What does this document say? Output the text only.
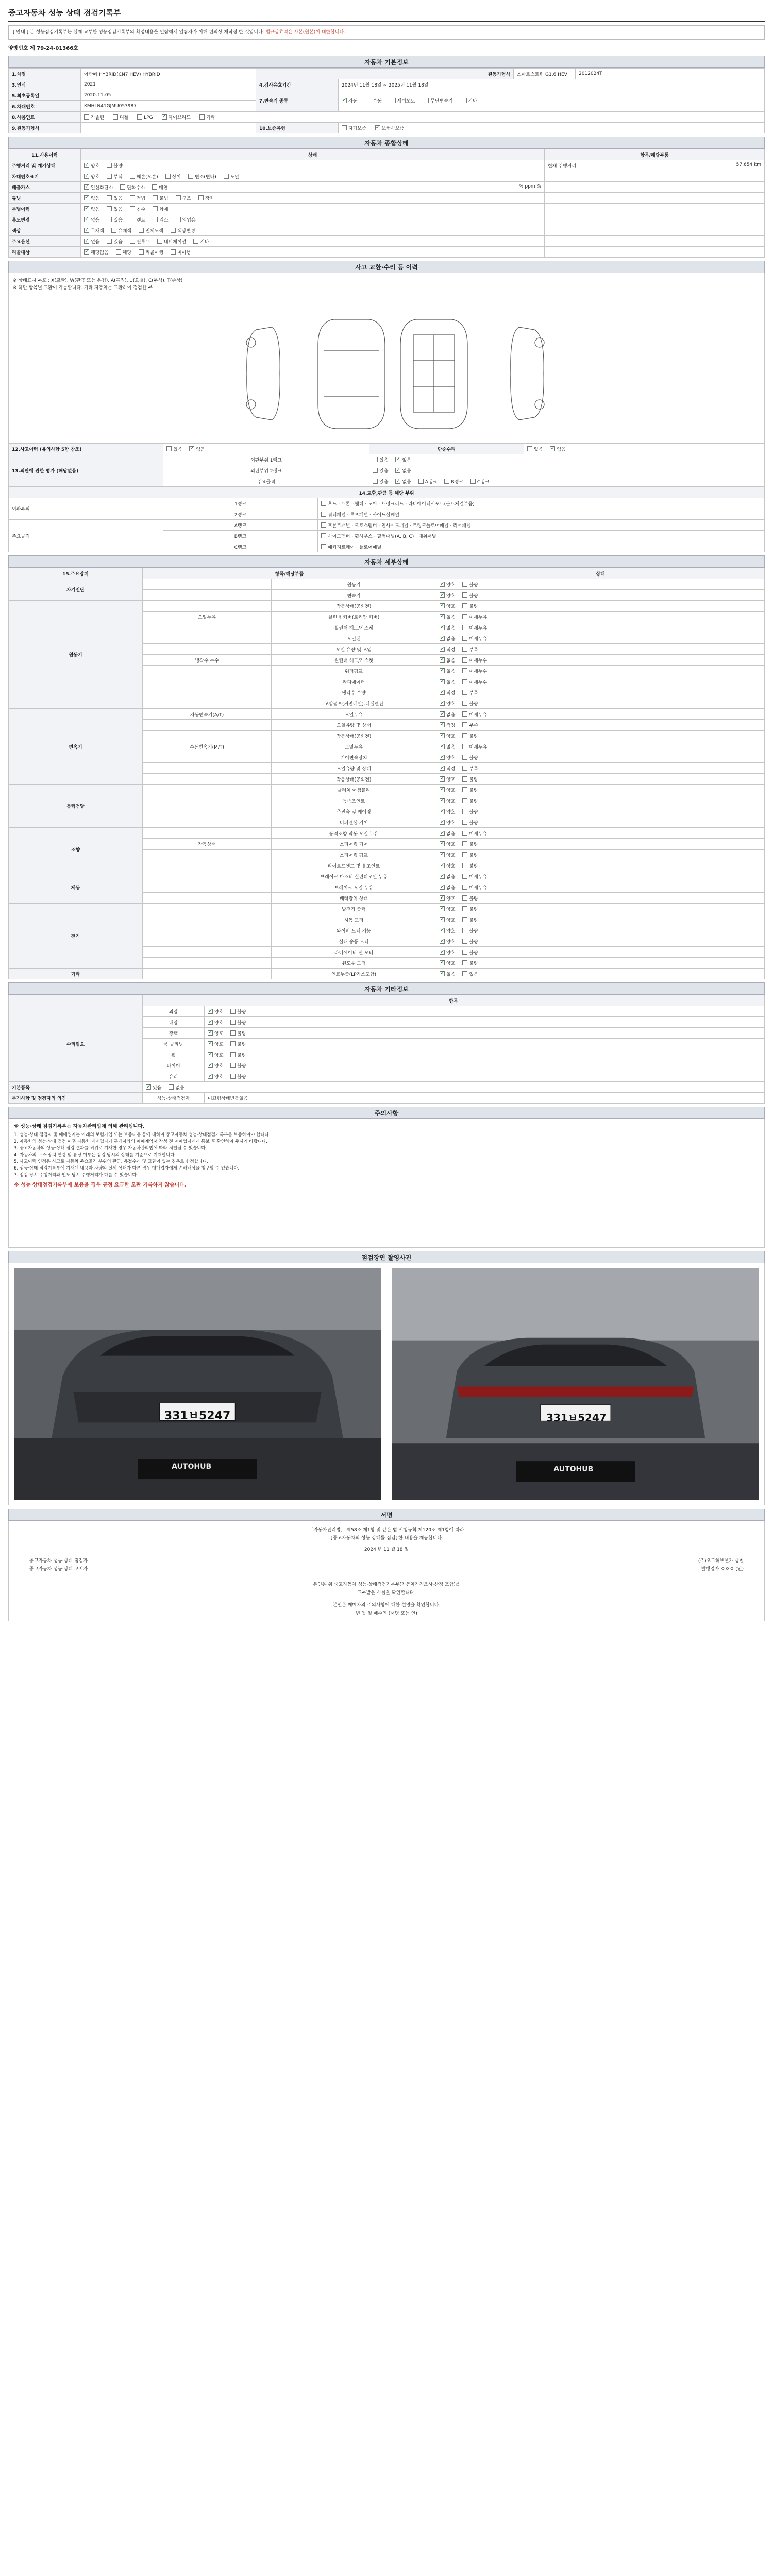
중고자동차 성능 상태 점검기록부
[ 안내 ] 본 성능점검기록부는 실제 교부한 성능점검기록부의 확정내용을 열람해서 열람자가 이해 편의상 재작성 한 것입니다. 법규상효력은 사본(원본)이 대한합니다.
양방번호 제 79-24-01366호
자동차 기본정보
1.차명	아반떼 HYBRID(CN7 HEV) HYBRID	원동기형식		스마트스트림 G1.6 HEV	2012024T
3.연식	2021	4.검사유효기간	2024년 11월 18일 ~ 2025년 11월 18일		
5.최초등록일	2020-11-05	7.변속기 종류	✓자동 수동 세미오토 무단변속기 기타
6.차대번호	KMHLN41GJMU053987				
8.사용연료	가솔린 디젤 LPG ✓ 하이브리드 기타
9.원동기형식		10.보증유형	자가보증 ✓ 보험사보증
자동차 종합상태
11.사용이력	상태	항목/해당부품
주행거리 및 계기상태	✓양호 불량	현재 주행거리 57,654 km

차대번호표기	✓양호 부식 훼손(오손) 상이 변조(변타) 도말	
배출가스	✓일산화탄소 탄화수소 매연 % ppm %

튜닝	✓없음 있음 적법 불법 구조 장치	
특별이력	✓없음 있음 침수 화재	
용도변경	✓없음 있음 렌트 리스 영업용	
색상	✓무채색 유채색 전체도색 색상변경	
주요옵션	✓없음 있음 썬루프 네비게이션 기타	
리콜대상	✓해당없음 해당 리콜이행 미이행	
사고 교환·수리 등 이력
※ 상태표시 부호 : X(교환), W(판금 또는 용접), A(흠집), U(요철), C(부식), T(손상)
※ 하단 항목별 교환이 가능합니다. 기타 자동차는 교환하여 점검한 부
12.사고이력 (유의사항 5항 참조)	있음 ✓ 없음	단순수리	있음 ✓ 없음
13.외판에 관한 평가 (해당없음)	외판부위 1랭크	있음 ✓ 없음
	외판부위 2랭크	있음 ✓ 없음
	주요골격	있음 ✓ 없음 A랭크 B랭크 C랭크
14.교환,판금 등 해당 부위		
외판부위	1랭크	후드 · 프론트휀더 · 도어 · 트렁크리드 · 라디에이터서포트(볼트체결부품)
	2랭크	쿼터패널 · 루프패널 · 사이드실패널
주요골격	A랭크	프론트패널 · 크로스멤버 · 인사이드패널 · 트렁크플로어패널 · 리어패널
	B랭크	사이드멤버 · 휠하우스 · 필러패널(A, B, C) · 대쉬패널
	C랭크	패키지트레이 · 플로어패널
자동차 세부상태
15.주요장치	항목/해당부품		상태
자기진단		원동기	✓양호 불량
		변속기	✓양호 불량
원동기		작동상태(공회전)	✓양호 불량
	오일누유	실린더 커버(로커암 커버)	✓없음 미세누유
		실린더 헤드/가스켓	✓없음 미세누유
		오일팬	✓없음 미세누유
		오일 유량 및 오염	✓적정 부족
	냉각수 누수	실린더 헤드/가스켓	✓없음 미세누수
		워터펌프	✓없음 미세누수
		라디에이터	✓없음 미세누수
		냉각수 수량	✓적정 부족
		고압펌프(커먼레일)-디젤엔진	✓양호 불량
변속기	자동변속기(A/T)	오일누유	✓없음 미세누유
		오일유량 및 상태	✓적정 부족
		작동상태(공회전)	✓양호 불량
	수동변속기(M/T)	오일누유	✓없음 미세누유
		기어변속장치	✓양호 불량
		오일유량 및 상태	✓적정 부족
		작동상태(공회전)	✓양호 불량
동력전달		클러치 어셈블리	✓양호 불량
		등속조인트	✓양호 불량
		추진축 및 베어링	✓양호 불량
		디퍼렌셜 기어	✓양호 불량
조향		동력조향 작동 오일 누유	✓없음 미세누유
	작동상태	스티어링 기어	✓양호 불량
		스티어링 펌프	✓양호 불량
		타이로드엔드 및 볼조인트	✓양호 불량
제동		브레이크 마스터 실린더오일 누유	✓없음 미세누유
		브레이크 오일 누유	✓없음 미세누유
		배력장치 상태	✓양호 불량
전기		발전기 출력	✓양호 불량
		시동 모터	✓양호 불량
		와이퍼 모터 기능	✓양호 불량
		실내 송풍 모터	✓양호 불량
		라디에이터 팬 모터	✓양호 불량
		윈도우 모터	✓양호 불량
기타		연료누출(LP가스포함)	✓없음 있음
자동차 기타정보
	항목	
수리필요	외장	✓양호 불량
	내장	✓양호 불량
	광택	✓양호 불량
	룸 클리닝	✓양호 불량
	휠	✓양호 불량
	타이어	✓양호 불량
	유리	✓양호 불량
기본품목	✓있음 없음
특기사항 및 점검자의 의견	성능·상태점검자	미끄럼상태변동없음
주의사항
※ 성능·상태 점검기록부는 자동차관리법에 의해 관리됩니다.
1. 성능·상태 점검자 및 매매업자는 아래의 보험가입 또는 보증내용 등에 대하여 중고자동차 성능·상태점검기록부를 보증하여야 합니다.
2. 자동차의 성능·상태 점검 이후 자동차 매매업자가 구매자와의 매매계약서 작성 전 매매업자에게 통보 후 확인하여 주시기 바랍니다.
3. 중고자동차의 성능·상태 점검 결과를 허위로 기재한 경우 자동차관리법에 따라 처벌될 수 있습니다.
4. 자동차의 구조·장치 변경 및 튜닝 여부는 점검 당시의 상태를 기준으로 기재합니다.
5. 사고이력 인정은 사고로 자동차 주요골격 부위의 판금, 용접수리 및 교환이 있는 경우로 한정합니다.
6. 성능·상태 점검기록부에 기재된 내용과 차량의 실제 상태가 다른 경우 매매업자에게 손해배상을 청구할 수 있습니다.
7. 점검 당시 주행거리와 인도 당시 주행거리가 다를 수 있습니다.
※ 성능 상태점검기록부에 보증을 경우 공정 요금한 오판 기록하지 않습니다.
점검장면 촬영사진
331ㅂ5247
AUTOHUB
331ㅂ5247
AUTOHUB
서명
「자동차관리법」 제58조 제1항 및 같은 법 시행규칙 제120조 제1항에 따라
{중고자동차의 성능·상태를 점검}한 내용을 제공합니다.
2024 년 11 월 18 일
중고자동차 성능·상태 점검자	(주)오토허브셀카 상철
중고자동차 성능·상태 고지자	발행업자 ㅇㅇㅇ (인)
본인은 위 중고자동차 성능·상태점검기록부(자동차가격조사·산정 포함)를
교부받은 사실을 확인합니다.
본인은 매매자의 주의사항에 대한 설명을 확인합니다.
년 월 일 매수인 (서명 또는 인)
